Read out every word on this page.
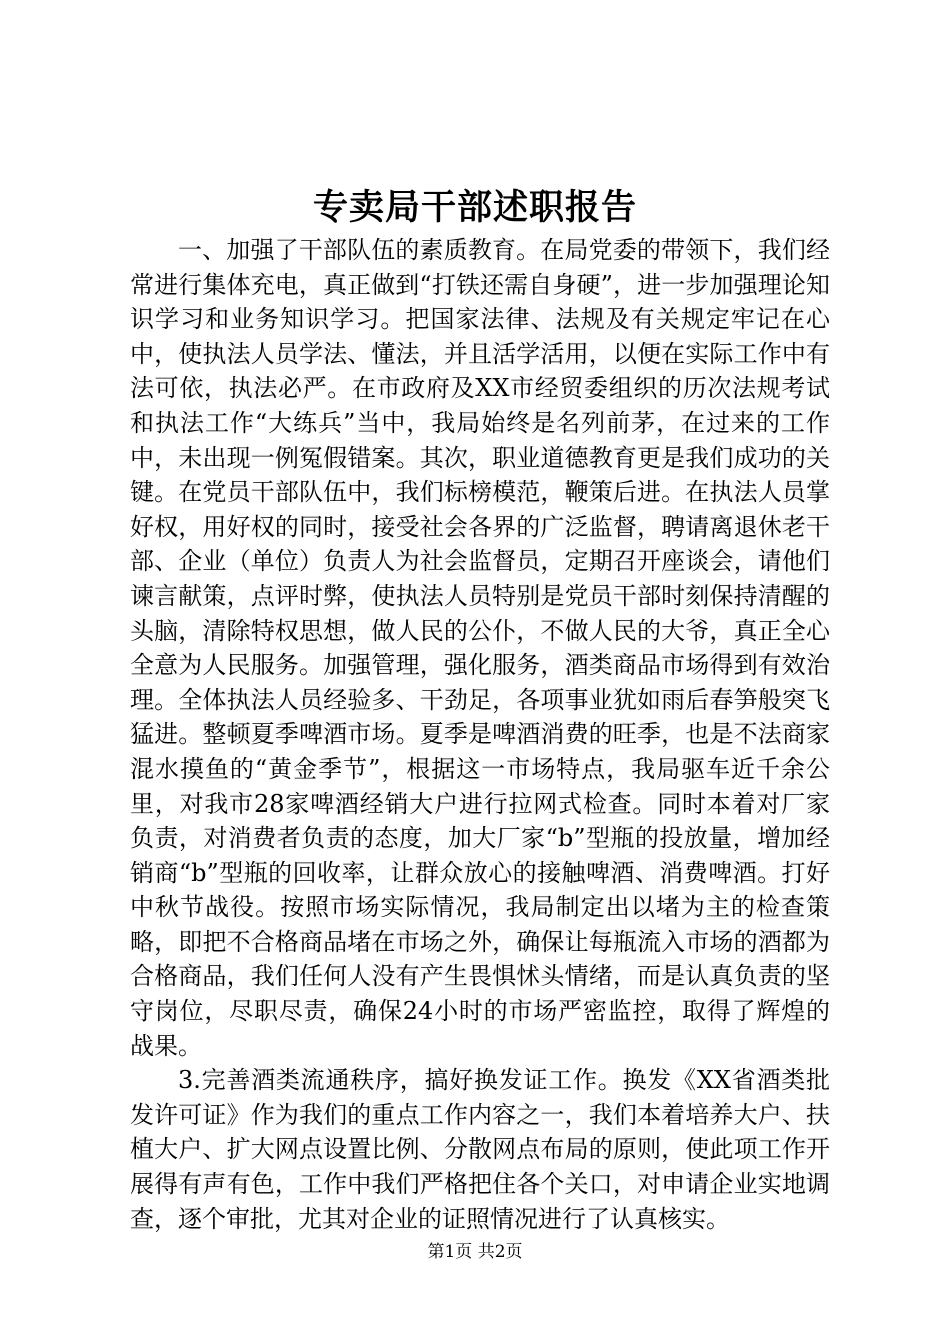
专卖局干部述职报告

一、加强了干部队伍的素质教育。在局党委的带领下，我们经常进行集体充电，真正做到“打铁还需自身硬”，进一步加强理论知识学习和业务知识学习。把国家法律、法规及有关规定牢记在心中，使执法人员学法、懂法，并且活学活用，以便在实际工作中有法可依，执法必严。在市政府及XX市经贸委组织的历次法规考试和执法工作“大练兵”当中，我局始终是名列前茅，在过来的工作中，未出现一例冤假错案。其次，职业道德教育更是我们成功的关键。在党员干部队伍中，我们标榜模范，鞭策后进。在执法人员掌好权，用好权的同时，接受社会各界的广泛监督，聘请离退休老干部、企业（单位）负责人为社会监督员，定期召开座谈会，请他们谏言献策，点评时弊，使执法人员特别是党员干部时刻保持清醒的头脑，清除特权思想，做人民的公仆，不做人民的大爷，真正全心全意为人民服务。加强管理，强化服务，酒类商品市场得到有效治理。全体执法人员经验多、干劲足，各项事业犹如雨后春笋般突飞猛进。整顿夏季啤酒市场。夏季是啤酒消费的旺季，也是不法商家混水摸鱼的“黄金季节”，根据这一市场特点，我局驱车近千余公里，对我市28家啤酒经销大户进行拉网式检查。同时本着对厂家负责，对消费者负责的态度，加大厂家“b”型瓶的投放量，增加经销商“b”型瓶的回收率，让群众放心的接触啤酒、消费啤酒。打好中秋节战役。按照市场实际情况，我局制定出以堵为主的检查策略，即把不合格商品堵在市场之外，确保让每瓶流入市场的酒都为合格商品，我们任何人没有产生畏惧怵头情绪，而是认真负责的坚守岗位，尽职尽责，确保24小时的市场严密监控，取得了辉煌的战果。

3.完善酒类流通秩序，搞好换发证工作。换发《XX省酒类批发许可证》作为我们的重点工作内容之一，我们本着培养大户、扶植大户、扩大网点设置比例、分散网点布局的原则，使此项工作开展得有声有色，工作中我们严格把住各个关口，对申请企业实地调查，逐个审批，尤其对企业的证照情况进行了认真核实。

第1页 共2页
